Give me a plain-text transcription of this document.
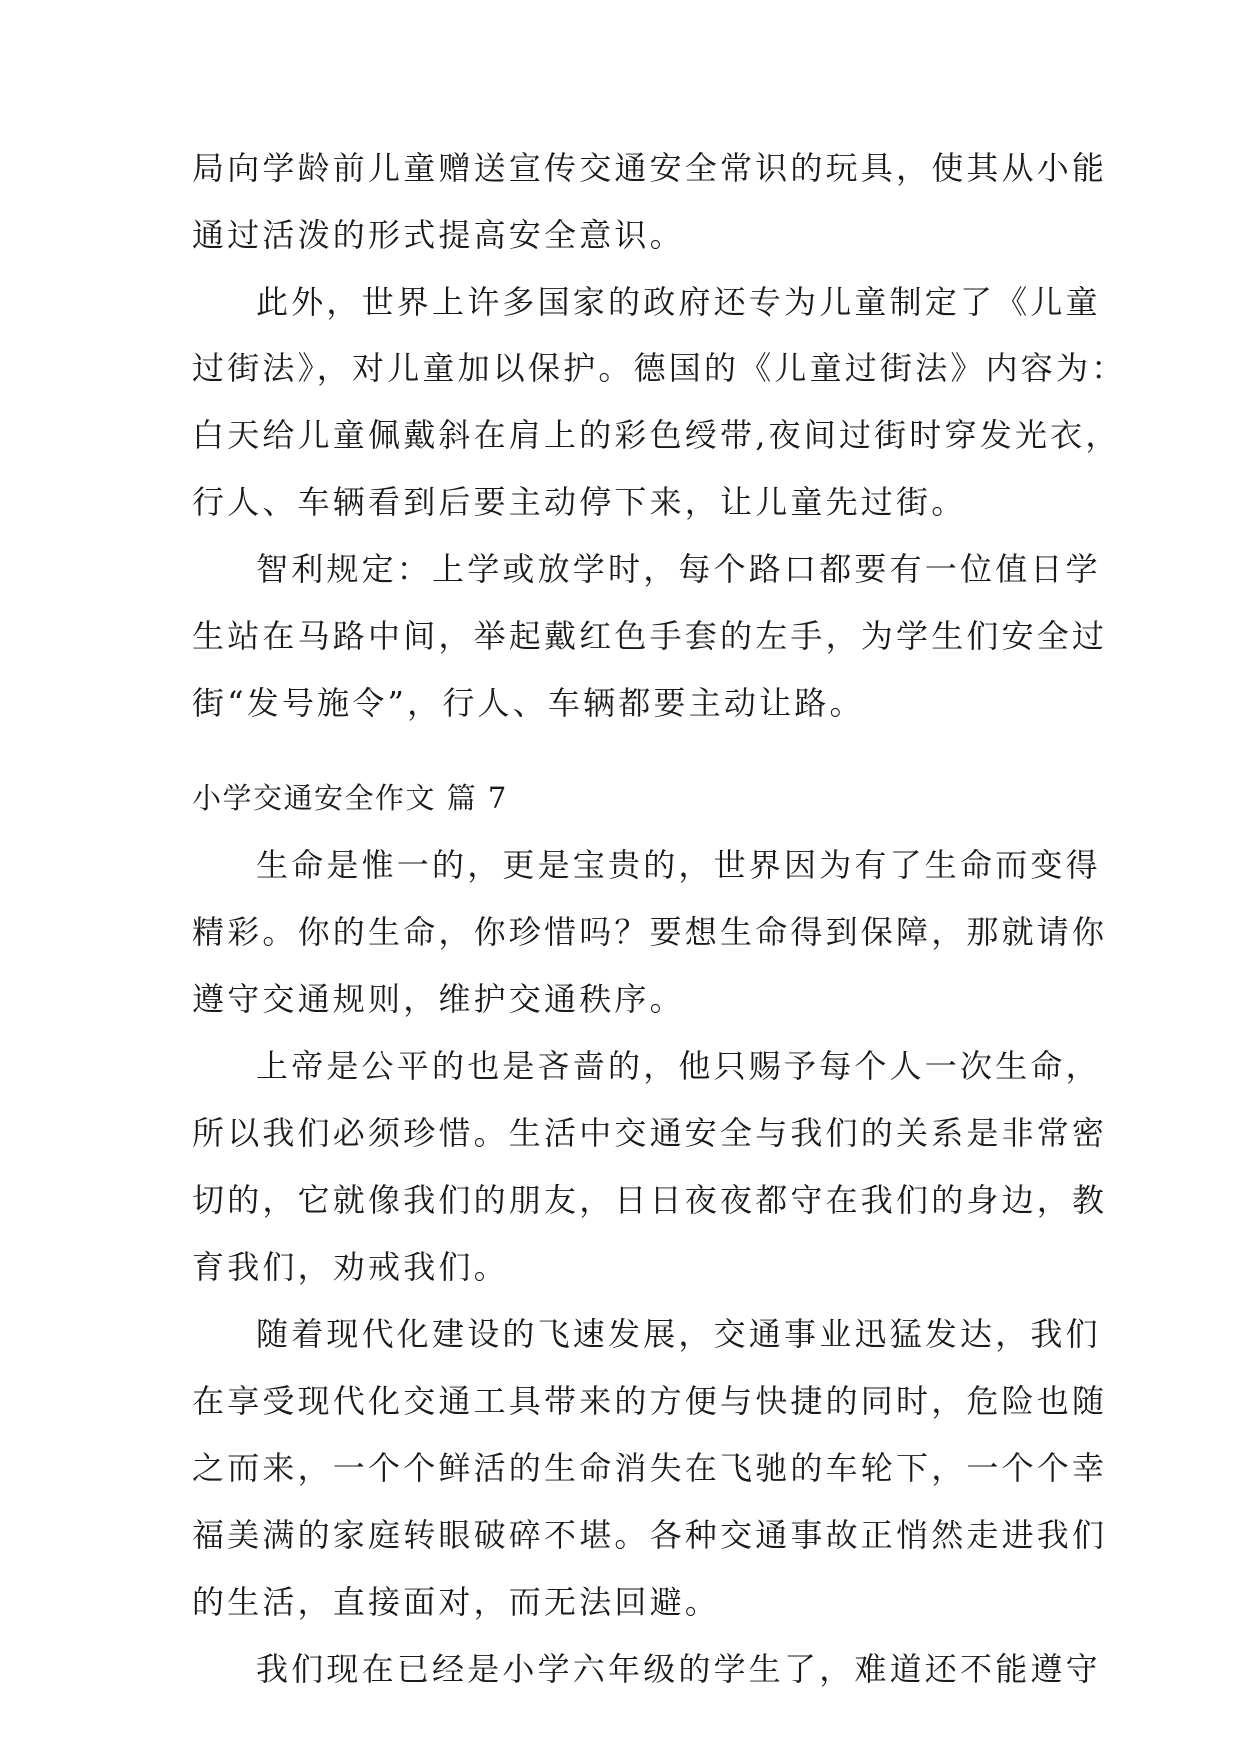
局向学龄前儿童赠送宣传交通安全常识的玩具，使其从小能
通过活泼的形式提高安全意识。
此外，世界上许多国家的政府还专为儿童制定了《儿童
过街法》，对儿童加以保护。德国的《儿童过街法》内容为：
白天给儿童佩戴斜在肩上的彩色绶带,夜间过街时穿发光衣，
行人、车辆看到后要主动停下来，让儿童先过街。
智利规定：上学或放学时，每个路口都要有一位值日学
生站在马路中间，举起戴红色手套的左手，为学生们安全过
街“发号施令”，行人、车辆都要主动让路。
小学交通安全作文 篇 7
生命是惟一的，更是宝贵的，世界因为有了生命而变得
精彩。你的生命，你珍惜吗？要想生命得到保障，那就请你
遵守交通规则，维护交通秩序。
上帝是公平的也是吝啬的，他只赐予每个人一次生命，
所以我们必须珍惜。生活中交通安全与我们的关系是非常密
切的，它就像我们的朋友，日日夜夜都守在我们的身边，教
育我们，劝戒我们。
随着现代化建设的飞速发展，交通事业迅猛发达，我们
在享受现代化交通工具带来的方便与快捷的同时，危险也随
之而来，一个个鲜活的生命消失在飞驰的车轮下，一个个幸
福美满的家庭转眼破碎不堪。各种交通事故正悄然走进我们
的生活，直接面对，而无法回避。
我们现在已经是小学六年级的学生了，难道还不能遵守
